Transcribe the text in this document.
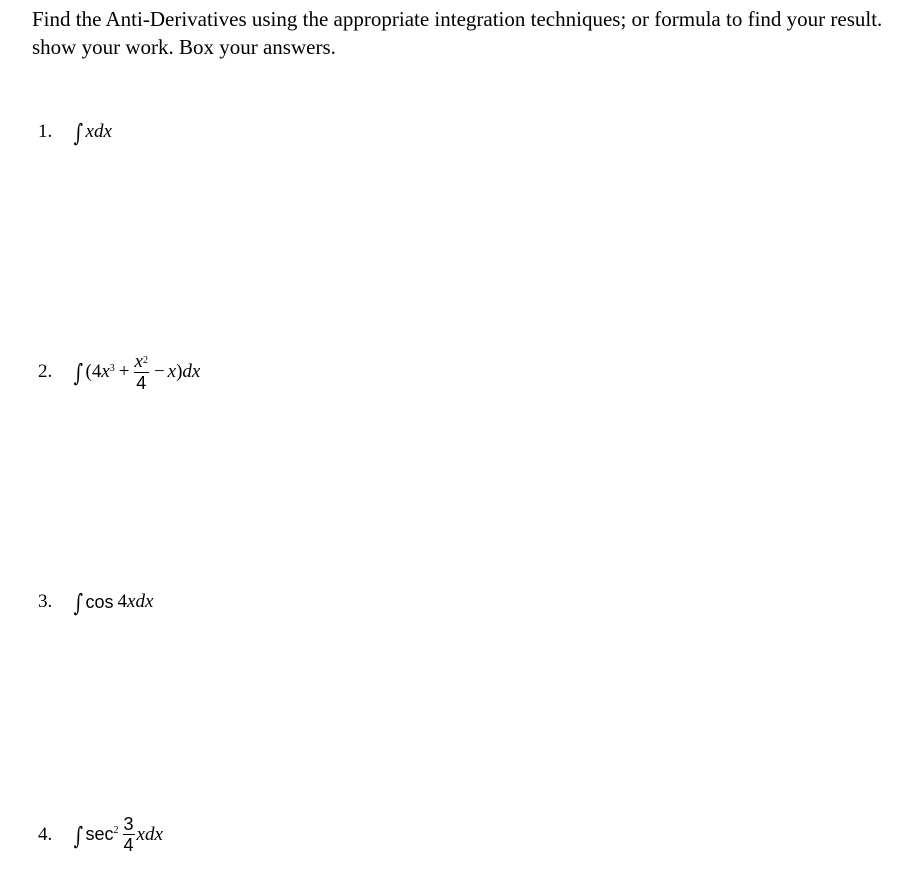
Find the Anti-Derivatives using the appropriate integration techniques; or formula to find your result. show your work. Box your answers.
1. ∫ xdx
2. ∫ (4 $x^3 + \frac{x^2}{4} - x$ ) dx
3. ∫ cos 4 xdx
4. ∫ $\sec^2 \frac{3}{4}$ xdx
